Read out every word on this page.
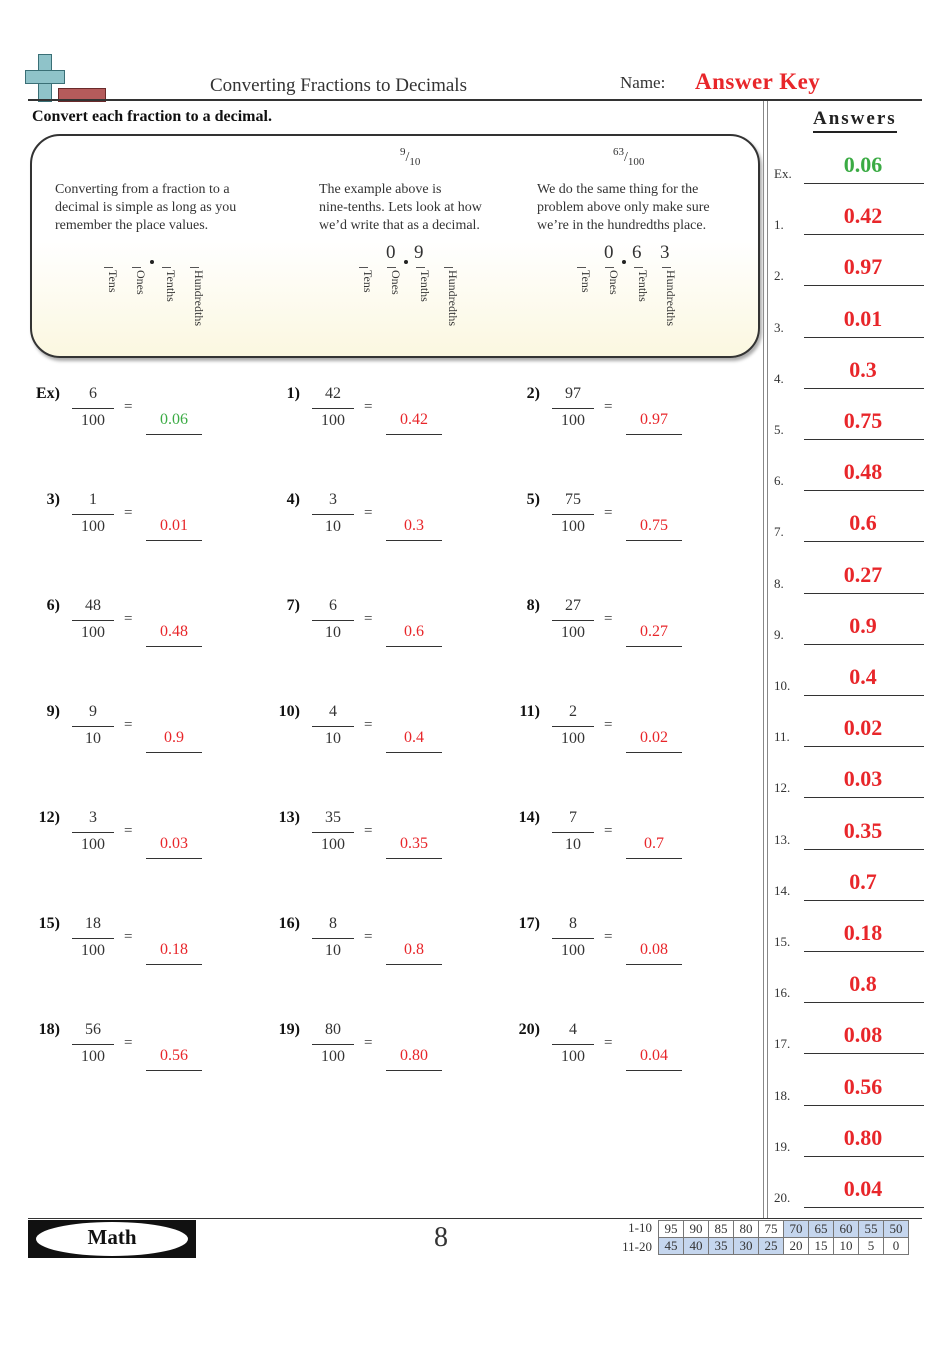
Converting Fractions to Decimals	Name: Answer Key
Convert each fraction to a decimal.	Answers
$^9/_{10}$
$^{63}/_{100}$
Converting from a fraction to a
decimal is simple as long as you
remember the place values.
The example above is
nine-tenths. Lets look at how
we’d write that as a decimal.
We do the same thing for the
problem above only make sure
we’re in the hundredths place.
Tens Ones Tenths Hundredths
0 9
Tens Ones Tenths Hundredths
0 6 3
Tens Ones Tenths Hundredths
Ex)	6
100
=
0.06
1)	42
100
=
0.42
2)	97
100
=
0.97
3)	1
100
=
0.01
4)	3
10
=
0.3
5)	75
100
=
0.75
6)	48
100
=
0.48
7)	6
10
=
0.6
8)	27
100
=
0.27
9)	9
10
=
0.9
10)	4
10
=
0.4
11)	2
100
=
0.02
12)	3
100
=
0.03
13)	35
100
=
0.35
14)	7
10
=
0.7
15)	18
100
=
0.18
16)	8
10
=
0.8
17)	8
100
=
0.08
18)	56
100
=
0.56
19)	80
100
=
0.80
20)	4
100
=
0.04
0.06
Ex.
0.42
1.
0.97
2.
0.01
3.
0.3
4.
0.75
5.
0.48
6.
0.6
7.
0.27
8.
0.9
9.
0.4
10.
0.02
11.
0.03
12.
0.35
13.
0.7
14.
0.18
15.
0.8
16.
0.08
17.
0.56
18.
0.80
19.
0.04
20.
Math	8	1-10
11-20
95	90	85	80	75	70	65	60	55	50
45	40	35	30	25	20	15	10	5	0
